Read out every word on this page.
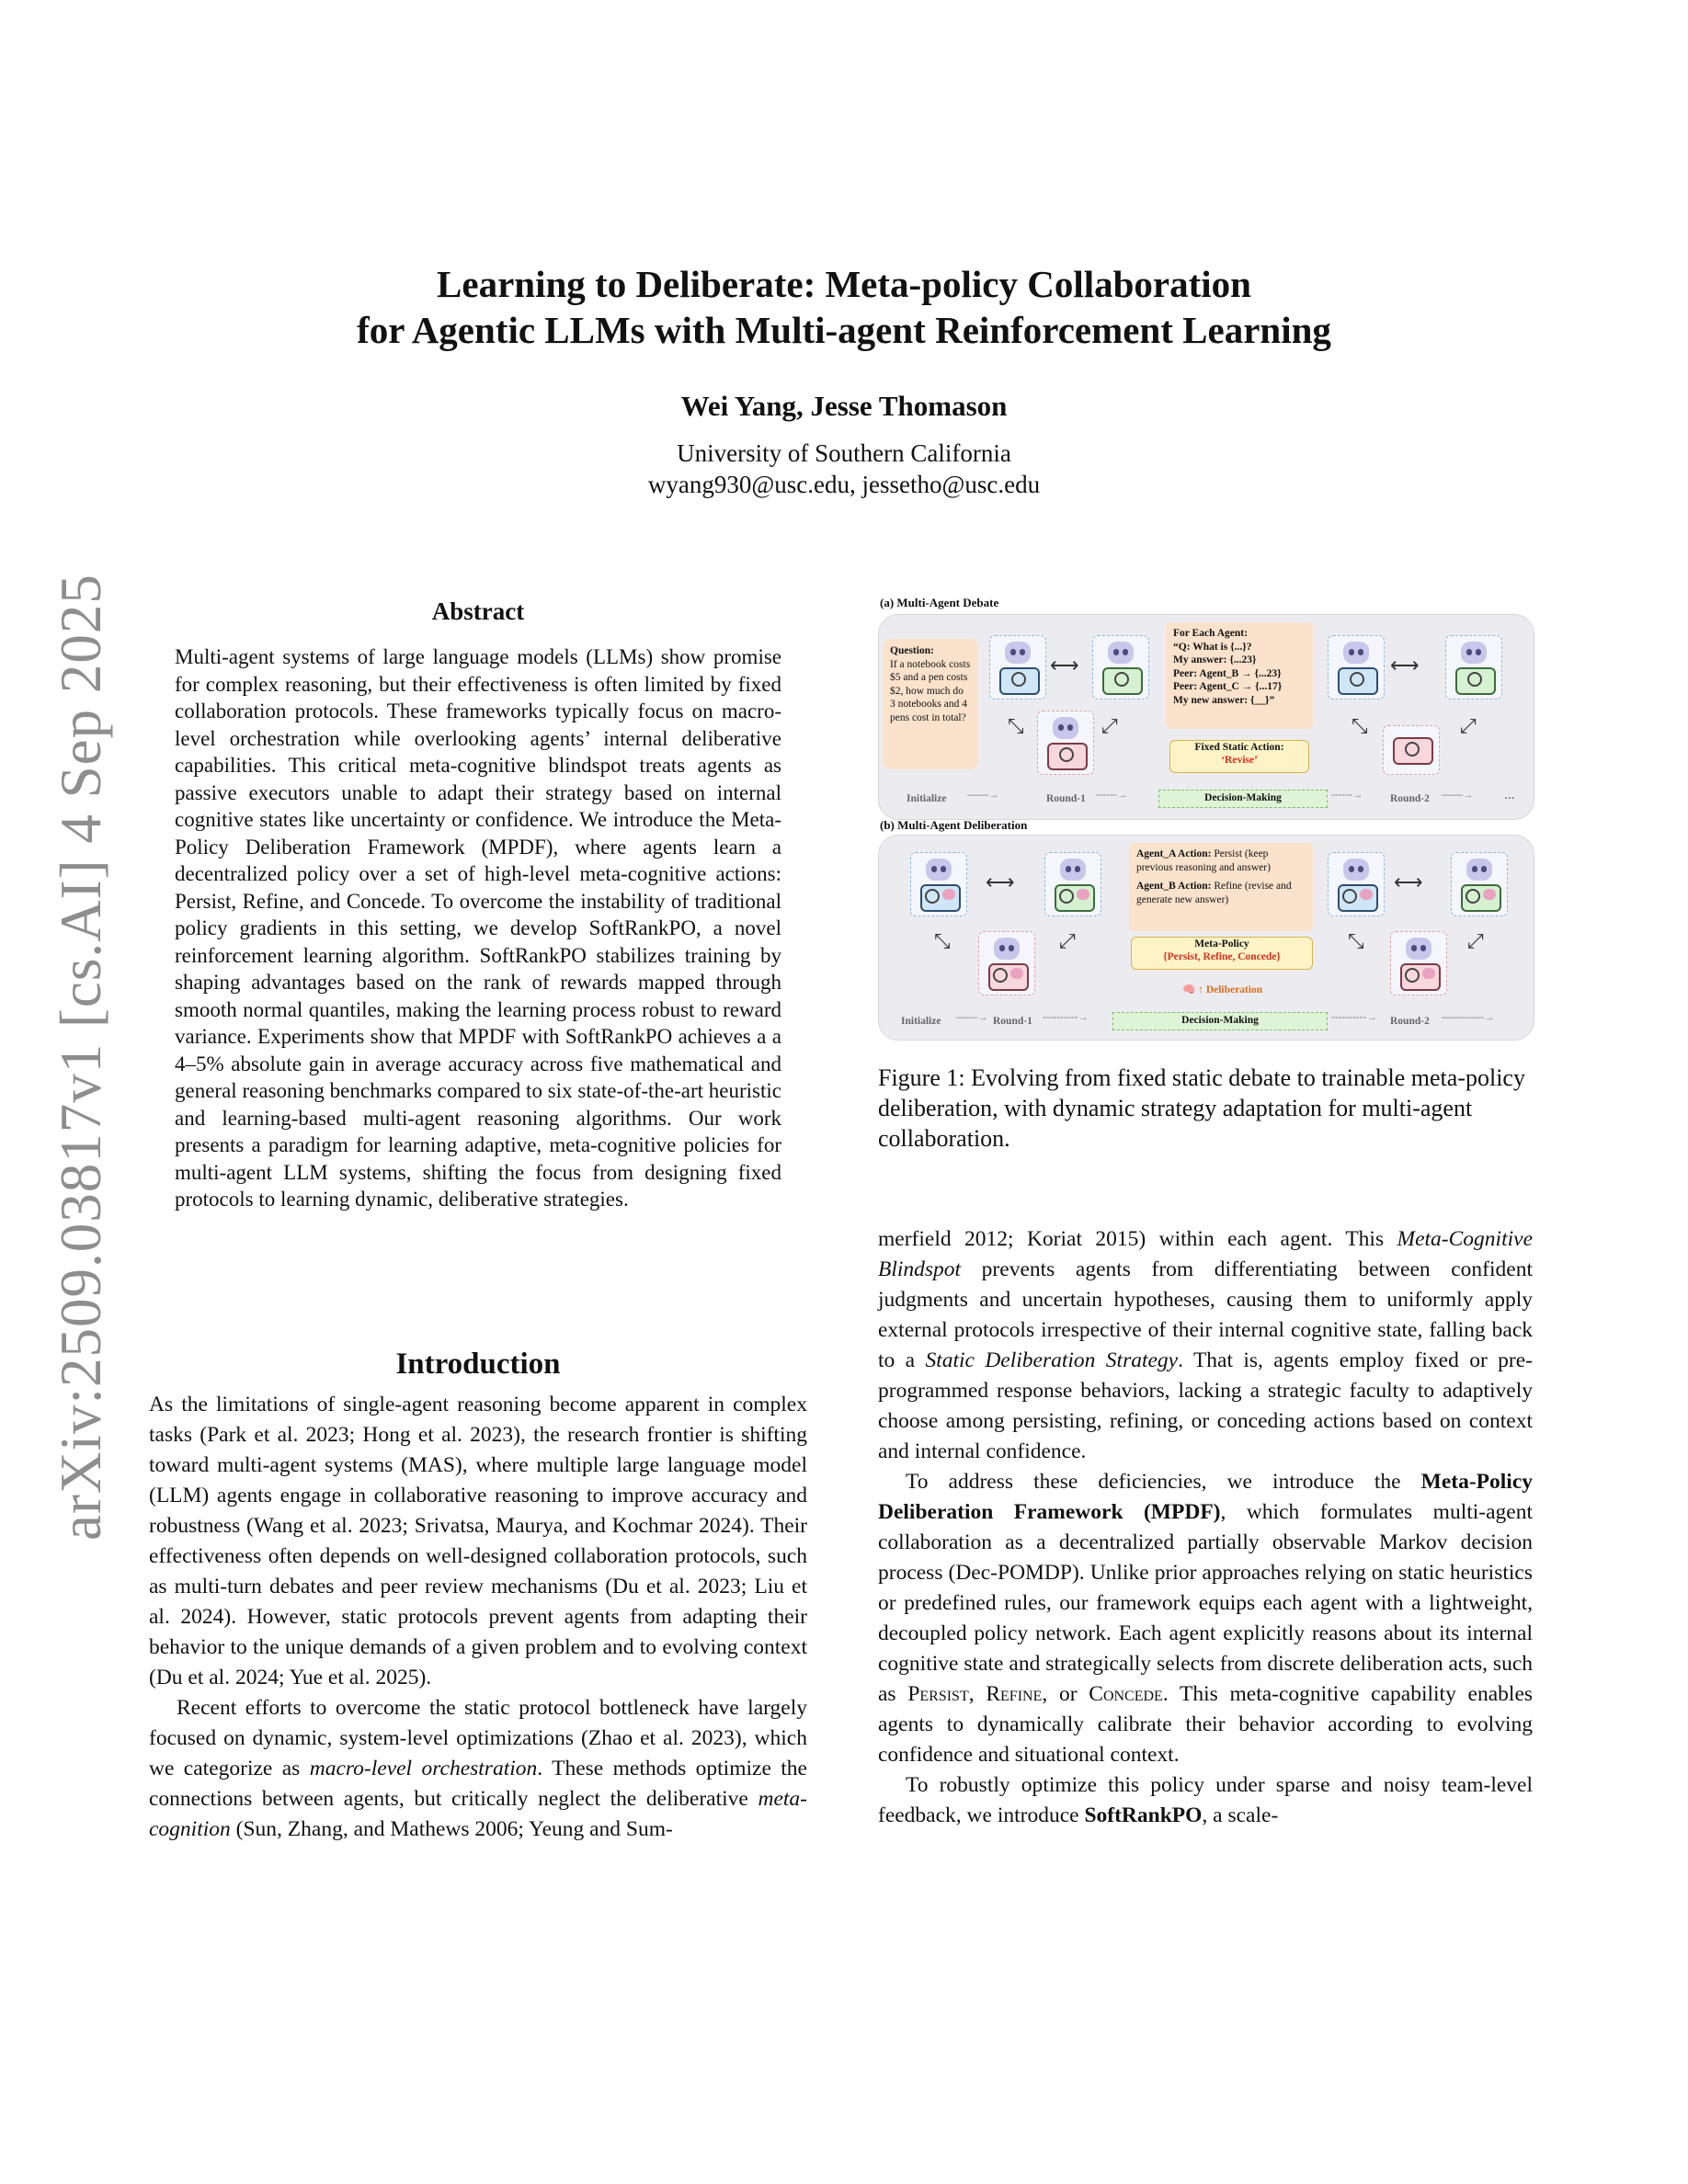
arXiv:2509.03817v1 [cs.AI] 4 Sep 2025
Learning to Deliberate: Meta-policy Collaboration
for Agentic LLMs with Multi-agent Reinforcement Learning
Wei Yang, Jesse Thomason
University of Southern California
wyang930@usc.edu, jessetho@usc.edu
Abstract

Multi-agent systems of large language models (LLMs) show promise for complex reasoning, but their effectiveness is often limited by fixed collaboration protocols. These frameworks typically focus on macro-level orchestration while overlooking agents’ internal deliberative capabilities. This critical meta-cognitive blindspot treats agents as passive executors unable to adapt their strategy based on internal cognitive states like uncertainty or confidence. We introduce the Meta-Policy Deliberation Framework (MPDF), where agents learn a decentralized policy over a set of high-level meta-cognitive actions: Persist, Refine, and Concede. To overcome the instability of traditional policy gradients in this setting, we develop SoftRankPO, a novel reinforcement learning algorithm. SoftRankPO stabilizes training by shaping advantages based on the rank of rewards mapped through smooth normal quantiles, making the learning process robust to reward variance. Experiments show that MPDF with SoftRankPO achieves a a 4–5% absolute gain in average accuracy across five mathematical and general reasoning benchmarks compared to six state-of-the-art heuristic and learning-based multi-agent reasoning algorithms. Our work presents a paradigm for learning adaptive, meta-cognitive policies for multi-agent LLM systems, shifting the focus from designing fixed protocols to learning dynamic, deliberative strategies.

Introduction

As the limitations of single-agent reasoning become apparent in complex tasks (Park et al. 2023; Hong et al. 2023), the research frontier is shifting toward multi-agent systems (MAS), where multiple large language model (LLM) agents engage in collaborative reasoning to improve accuracy and robustness (Wang et al. 2023; Srivatsa, Maurya, and Kochmar 2024). Their effectiveness often depends on well-designed collaboration protocols, such as multi-turn debates and peer review mechanisms (Du et al. 2023; Liu et al. 2024). However, static protocols prevent agents from adapting their behavior to the unique demands of a given problem and to evolving context (Du et al. 2024; Yue et al. 2025).

Recent efforts to overcome the static protocol bottleneck have largely focused on dynamic, system-level optimizations (Zhao et al. 2023), which we categorize as macro-level orchestration. These methods optimize the connections between agents, but critically neglect the deliberative meta-cognition (Sun, Zhang, and Mathews 2006; Yeung and Sum-

(a) Multi-Agent Debate
Question:
If a notebook costs $5 and a pen costs $2, how much do 3 notebooks and 4 pens cost in total?
⟷
⤡	⤢
For Each Agent:
“Q: What is {...}?
My answer: {...23}
Peer: Agent_B → {...23}
Peer: Agent_C → {...17}
My new answer: {__}”
Fixed Static Action:
‘Revise’
⟷
⤡	⤢
Initialize ——→	Round-1 ------→	Decision-Making	------→	Round-2 ——→	···
(b) Multi-Agent Deliberation
⟷
⤡	⤢
Agent_A Action: Persist (keep previous reasoning and answer)
Agent_B Action: Refine (revise and generate new answer)
Meta-Policy
{Persist, Refine, Concede}
🧠 ↑ Deliberation
⟷
⤡	⤢
Initialize ——→ Round-1 ----------→	Decision-Making	----------→ Round-2 ————→

Figure 1: Evolving from fixed static debate to trainable meta-policy deliberation, with dynamic strategy adaptation for multi-agent collaboration.

merfield 2012; Koriat 2015) within each agent. This Meta-Cognitive Blindspot prevents agents from differentiating between confident judgments and uncertain hypotheses, causing them to uniformly apply external protocols irrespective of their internal cognitive state, falling back to a Static Deliberation Strategy. That is, agents employ fixed or pre-programmed response behaviors, lacking a strategic faculty to adaptively choose among persisting, refining, or conceding actions based on context and internal confidence.

To address these deficiencies, we introduce the Meta-Policy Deliberation Framework (MPDF), which formulates multi-agent collaboration as a decentralized partially observable Markov decision process (Dec-POMDP). Unlike prior approaches relying on static heuristics or predefined rules, our framework equips each agent with a lightweight, decoupled policy network. Each agent explicitly reasons about its internal cognitive state and strategically selects from discrete deliberation acts, such as Persist, Refine, or Concede. This meta-cognitive capability enables agents to dynamically calibrate their behavior according to evolving confidence and situational context.

To robustly optimize this policy under sparse and noisy team-level feedback, we introduce SoftRankPO, a scale-
